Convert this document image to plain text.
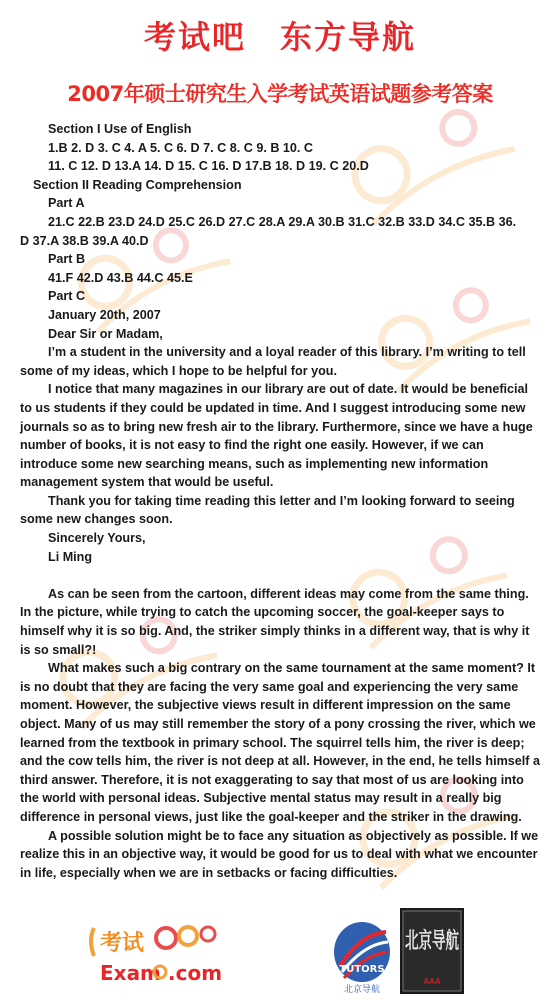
考试吧　东方导航
2007年硕士研究生入学考试英语试题参考答案

Section I Use of English

1.B 2. D 3. C 4. A 5. C 6. D 7. C 8. C 9. B 10. C

11. C 12. D 13.A 14. D 15. C 16. D 17.B 18. D 19. C 20.D

Section II Reading Comprehension

Part A

21.C 22.B 23.D 24.D 25.C 26.D 27.C 28.A 29.A 30.B 31.C 32.B 33.D 34.C 35.B 36.

D 37.A 38.B 39.A 40.D

Part B

41.F 42.D 43.B 44.C 45.E

Part C

January 20th, 2007

Dear Sir or Madam,

I’m a student in the university and a loyal reader of this library. I’m writing to tell some of my ideas, which I hope to be helpful for you.

I notice that many magazines in our library are out of date. It would be beneficial to us students if they could be updated in time. And I suggest introducing some new journals so as to bring new fresh air to the library. Furthermore, since we have a huge number of books, it is not easy to find the right one easily. However, if we can introduce some new searching means, such as implementing new information management system that would be useful.

Thank you for taking time reading this letter and I’m looking forward to seeing some new changes soon.

Sincerely Yours,

Li Ming

As can be seen from the cartoon, different ideas may come from the same thing. In the picture, while trying to catch the upcoming soccer, the goal-keeper says to himself why it is so big. And, the striker simply thinks in a different way, that is why it is so small?!

What makes such a big contrary on the same tournament at the same moment? It is no doubt that they are facing the very same goal and experiencing the very same moment. However, the subjective views result in different impression on the same object. Many of us may still remember the story of a pony crossing the river, which we learned from the textbook in primary school. The squirrel tells him, the river is deep; and the cow tells him, the river is not deep at all. However, in the end, he tells himself a third answer. Therefore, it is not exaggerating to say that most of us are looking into the world with personal ideas. Subjective mental status may result in a really big difference in personal views, just like the goal-keeper and the striker in the drawing.

A possible solution might be to face any situation as objectively as possible. If we realize this in an objective way, it would be good for us to deal with what we encounter in life, especially when we are in setbacks or facing difficulties.

考试
Exam .com	TUTORS
北京导航
北京导航
AAA
